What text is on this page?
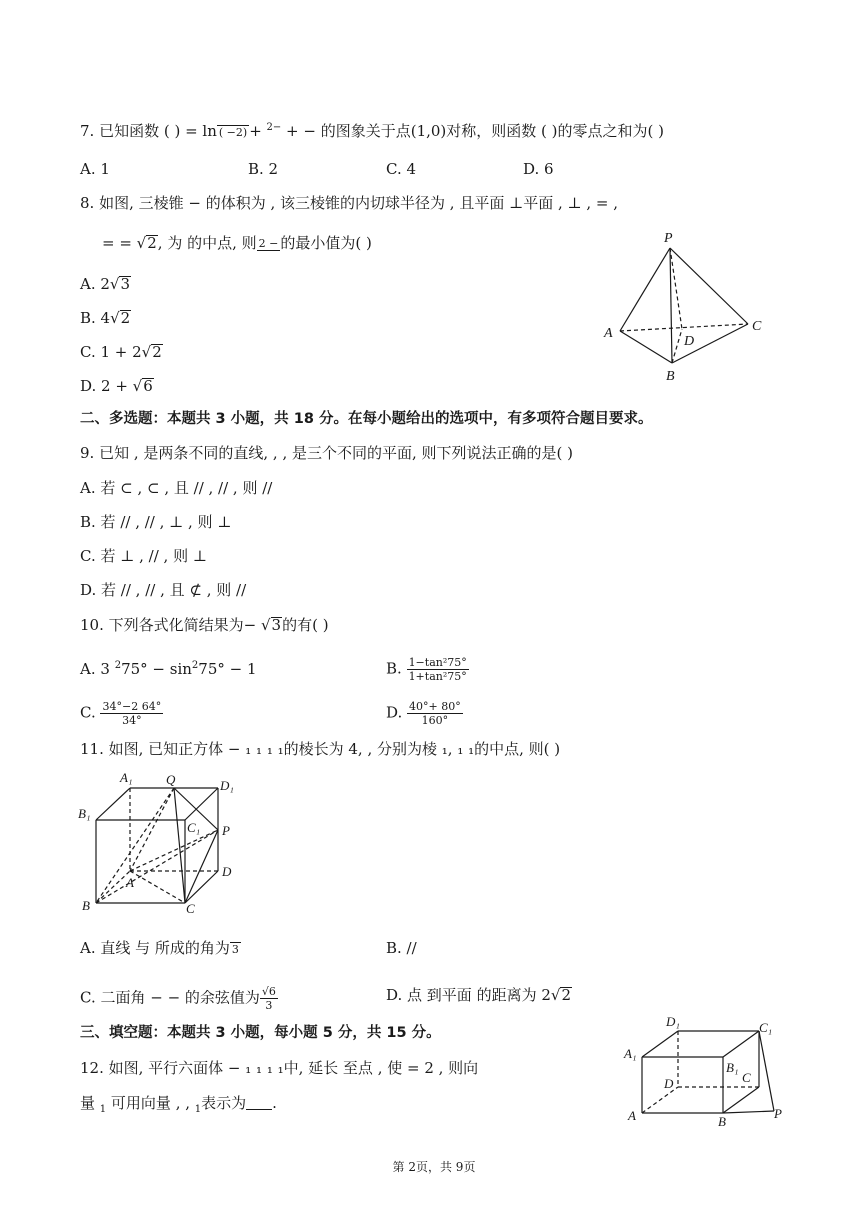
7. 已知函数 ( ) = ln ( −2) + $^{2-}$ + − 的图象关于点(1,0)对称，则函数 ( )的零点之和为( )
A. 1	B. 2	C. 4	D. 6
8. 如图, 三棱锥 − 的体积为 , 该三棱锥的内切球半径为 , 且平面 ⊥平面 , ⊥ , = ,
= = √2, 为 的中点, 则 2 − 的最小值为( )
A. 2√3
B. 4√2
C. 1 + 2√2
D. 2 + √6
P
A
B
C
D
二、多选题：本题共 3 小题，共 18 分。在每小题给出的选项中，有多项符合题目要求。
9. 已知 , 是两条不同的直线, , , 是三个不同的平面, 则下列说法正确的是( )
A. 若 ⊂ , ⊂ , 且 // , // , 则 //
B. 若 // , // , ⊥ , 则 ⊥
C. 若 ⊥ , // , 则 ⊥
D. 若 // , // , 且 ⊄ , 则 //
10. 下列各式化简结果为− √3的有( )
A. 3 $^275^\circ - \sin^275^\circ - 1$	B. $\frac{\text{1−tan²75°}}{\text{1+tan²75°}}$
C. $\frac{34^\circ-2 64^\circ}{34^\circ}$	D. $\frac{40^\circ+ 80^\circ}{160^\circ}$
11. 如图, 已知正方体 − ₁ ₁ ₁ ₁的棱长为 4, , 分别为棱 ₁, ₁ ₁的中点, 则( )
A₁	Q	D₁
B₁
C₁ P
D
A
B	C
A. 直线 与 所成的角为 3	B. //
C. 二面角 − − 的余弦值为 $\frac{√6}{3}$	D. 点 到平面 的距离为 2√2
三、填空题：本题共 3 小题，每小题 5 分，共 15 分。
12. 如图, 平行六面体 − ₁ ₁ ₁ ₁中, 延长 至点 , 使 = 2 , 则向
量 $_1$ 可用向量 , , $_1$表示为 .
D₁	C₁
A₁
B₁
D	C
A	B
P
第 2页，共 9页
